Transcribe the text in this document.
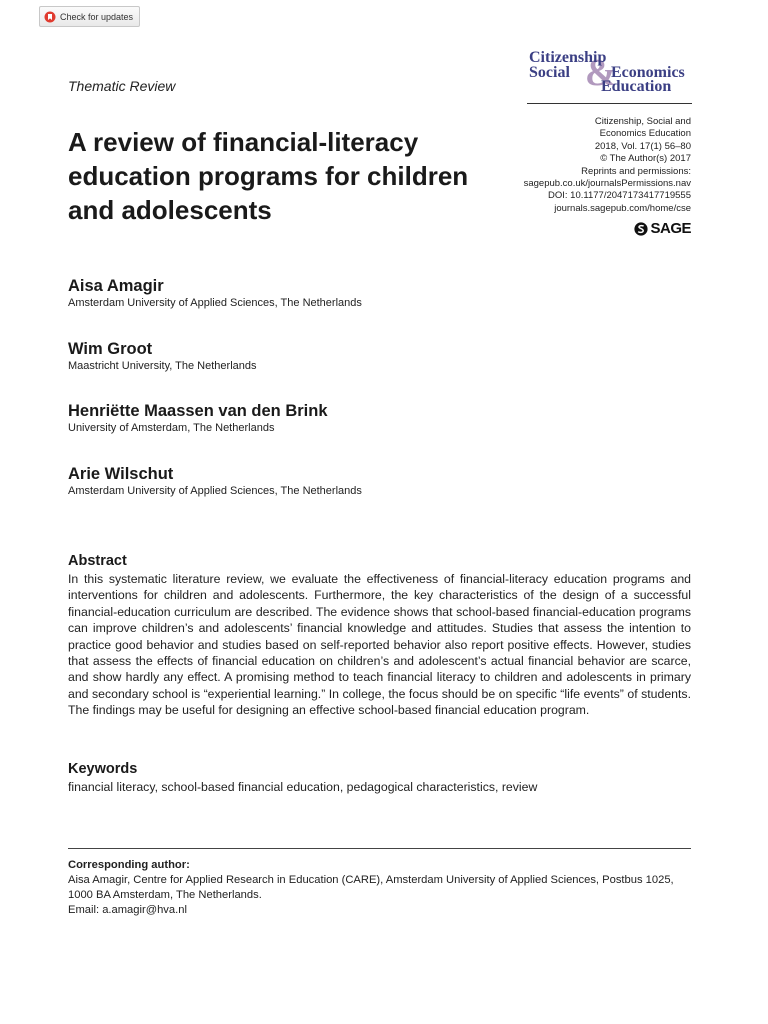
Check for updates
&
Citizenship
Social	Economics
Education
Thematic Review
A review of financial-literacy education programs for children and adolescents
Citizenship, Social and
Economics Education
2018, Vol. 17(1) 56–80
© The Author(s) 2017
Reprints and permissions:
sagepub.co.uk/journalsPermissions.nav
DOI: 10.1177/2047173417719555
journals.sagepub.com/home/cse
SAGE
Aisa Amagir
Amsterdam University of Applied Sciences, The Netherlands
Wim Groot
Maastricht University, The Netherlands
Henriëtte Maassen van den Brink
University of Amsterdam, The Netherlands
Arie Wilschut
Amsterdam University of Applied Sciences, The Netherlands
Abstract

In this systematic literature review, we evaluate the effectiveness of financial-literacy education programs and interventions for children and adolescents. Furthermore, the key characteristics of the design of a successful financial-education curriculum are described. The evidence shows that school-based financial-education programs can improve children’s and adolescents’ financial knowledge and attitudes. Studies that assess the intention to practice good behavior and studies based on self-reported behavior also report positive effects. However, studies that assess the effects of financial education on children’s and adolescent’s actual financial behavior are scarce, and show hardly any effect. A promising method to teach financial literacy to children and adolescents in primary and secondary school is “experiential learning.” In college, the focus should be on specific “life events” of students. The findings may be useful for designing an effective school-based financial education program.

Keywords

financial literacy, school-based financial education, pedagogical characteristics, review

Corresponding author:
Aisa Amagir, Centre for Applied Research in Education (CARE), Amsterdam University of Applied Sciences, Postbus 1025, 1000 BA Amsterdam, The Netherlands.
Email: a.amagir@hva.nl
